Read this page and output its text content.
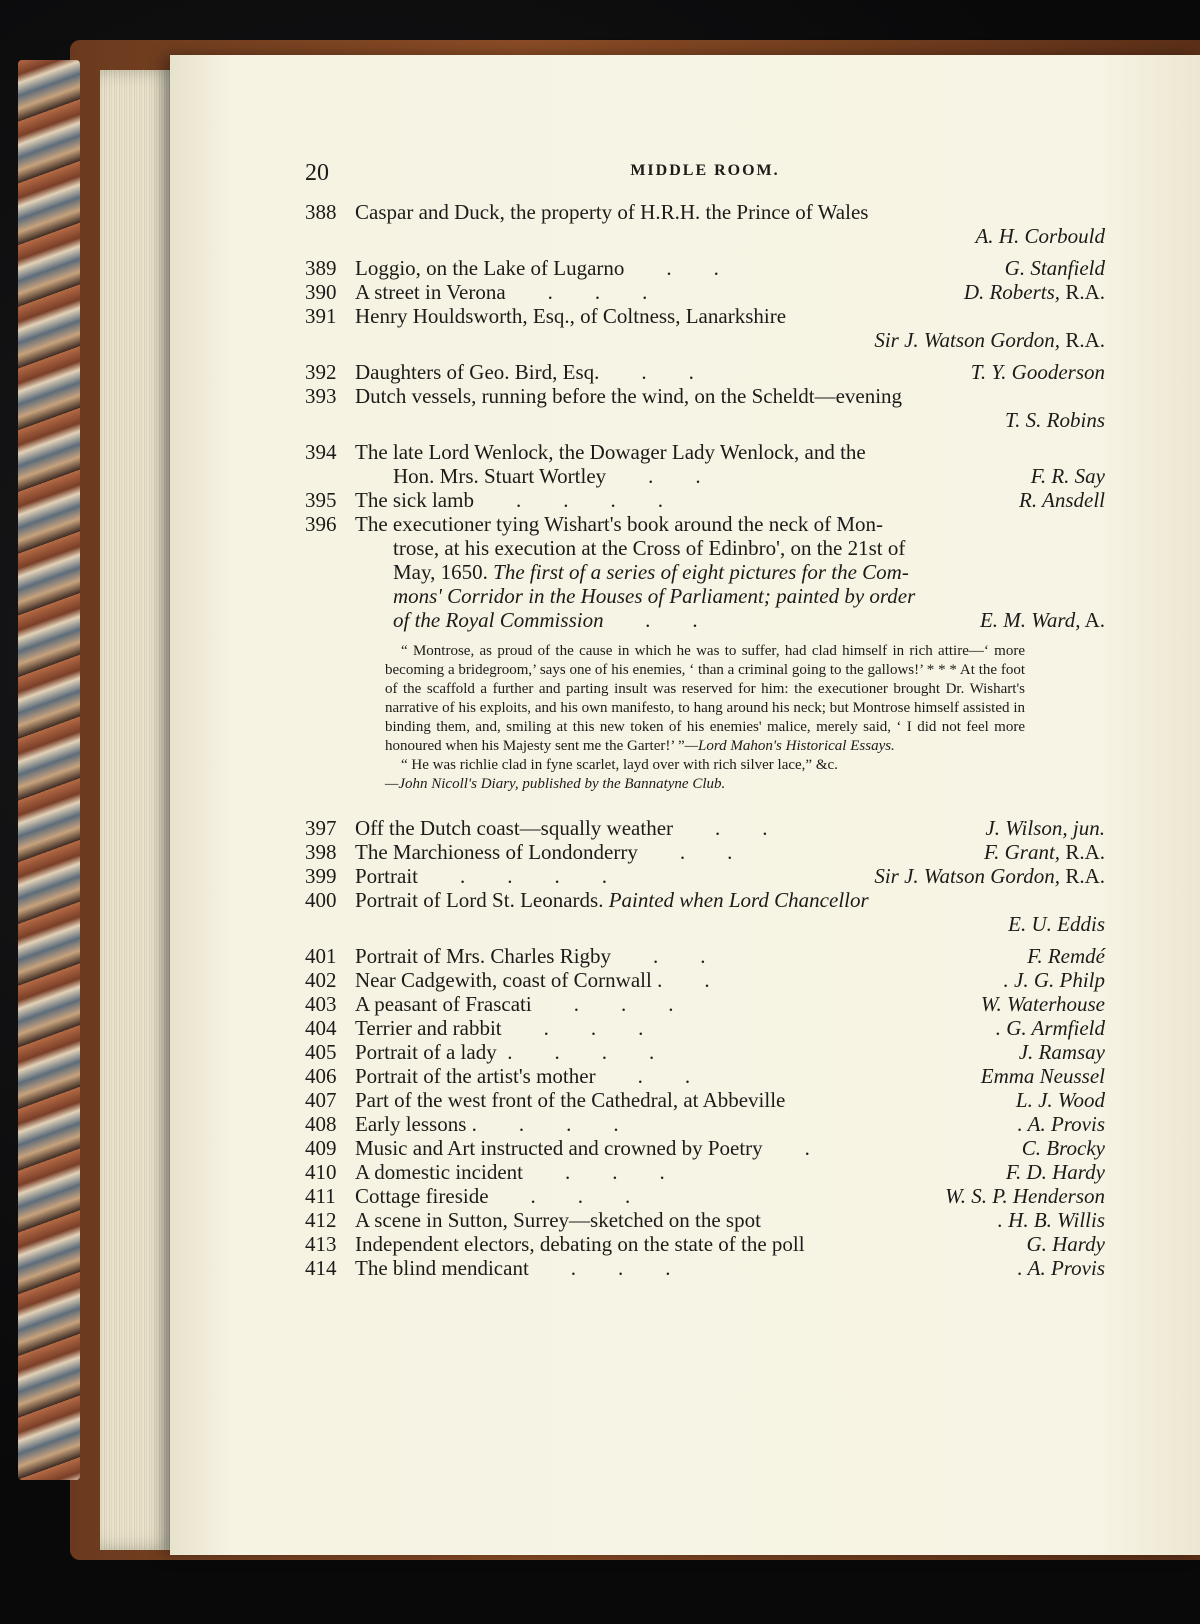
20	MIDDLE ROOM.
388 Caspar and Duck, the property of H.R.H. the Prince of Wales
A. H. Corbould
389 Loggio, on the Lake of Lugarno        .        .	G. Stanfield
390 A street in Verona        .        .        .	D. Roberts, R.A.
391 Henry Houldsworth, Esq., of Coltness, Lanarkshire
Sir J. Watson Gordon, R.A.
392 Daughters of Geo. Bird, Esq.        .        .	T. Y. Gooderson
393 Dutch vessels, running before the wind, on the Scheldt—evening
T. S. Robins
394 The late Lord Wenlock, the Dowager Lady Wenlock, and the
Hon. Mrs. Stuart Wortley        .        .	F. R. Say
395 The sick lamb        .        .        .        .	R. Ansdell
396 The executioner tying Wishart's book around the neck of Mon-
trose, at his execution at the Cross of Edinbro', on the 21st of
May, 1650. The first of a series of eight pictures for the Com-
mons' Corridor in the Houses of Parliament; painted by order
of the Royal Commission        .        .	E. M. Ward, A.

“ Montrose, as proud of the cause in which he was to suffer, had clad himself in rich attire—‘ more becoming a bridegroom,’ says one of his enemies, ‘ than a criminal going to the gallows!’ * * * At the foot of the scaffold a further and parting insult was reserved for him: the executioner brought Dr. Wishart's narrative of his exploits, and his own manifesto, to hang around his neck; but Montrose himself assisted in binding them, and, smiling at this new token of his enemies' malice, merely said, ‘ I did not feel more honoured when his Majesty sent me the Garter!’ ”—Lord Mahon's Historical Essays.

“ He was richlie clad in fyne scarlet, layd over with rich silver lace,” &c.

—John Nicoll's Diary, published by the Bannatyne Club.

397 Off the Dutch coast—squally weather        .        .	J. Wilson, jun.
398 The Marchioness of Londonderry        .        .	F. Grant, R.A.
399 Portrait        .        .        .        .	Sir J. Watson Gordon, R.A.
400 Portrait of Lord St. Leonards. Painted when Lord Chancellor
E. U. Eddis
401 Portrait of Mrs. Charles Rigby        .        .	F. Remdé
402 Near Cadgewith, coast of Cornwall .        .	. J. G. Philp
403 A peasant of Frascati        .        .        .	W. Waterhouse
404 Terrier and rabbit        .        .        .	. G. Armfield
405 Portrait of a lady  .        .        .        .	J. Ramsay
406 Portrait of the artist's mother        .        .	Emma Neussel
407 Part of the west front of the Cathedral, at Abbeville	L. J. Wood
408 Early lessons .        .        .        .	. A. Provis
409 Music and Art instructed and crowned by Poetry        .	C. Brocky
410 A domestic incident        .        .        .	F. D. Hardy
411 Cottage fireside        .        .        .	W. S. P. Henderson
412 A scene in Sutton, Surrey—sketched on the spot	. H. B. Willis
413 Independent electors, debating on the state of the poll	G. Hardy
414 The blind mendicant        .        .        .	. A. Provis
